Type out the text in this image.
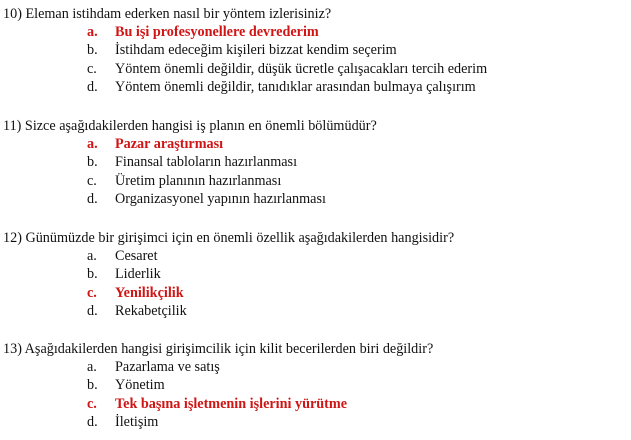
10) Eleman istihdam ederken nasıl bir yöntem izlerisiniz?
a. Bu işi profesyonellere devrederim
b. İstihdam edeceğim kişileri bizzat kendim seçerim
c. Yöntem önemli değildir, düşük ücretle çalışacakları tercih ederim
d. Yöntem önemli değildir, tanıdıklar arasından bulmaya çalışırım
11) Sizce aşağıdakilerden hangisi iş planın en önemli bölümüdür?
a. Pazar araştırması
b. Finansal tabloların hazırlanması
c. Üretim planının hazırlanması
d. Organizasyonel yapının hazırlanması
12) Günümüzde bir girişimci için en önemli özellik aşağıdakilerden hangisidir?
a. Cesaret
b. Liderlik
c. Yenilikçilik
d. Rekabetçilik
13) Aşağıdakilerden hangisi girişimcilik için kilit becerilerden biri değildir?
a. Pazarlama ve satış
b. Yönetim
c. Tek başına işletmenin işlerini yürütme
d. İletişim
